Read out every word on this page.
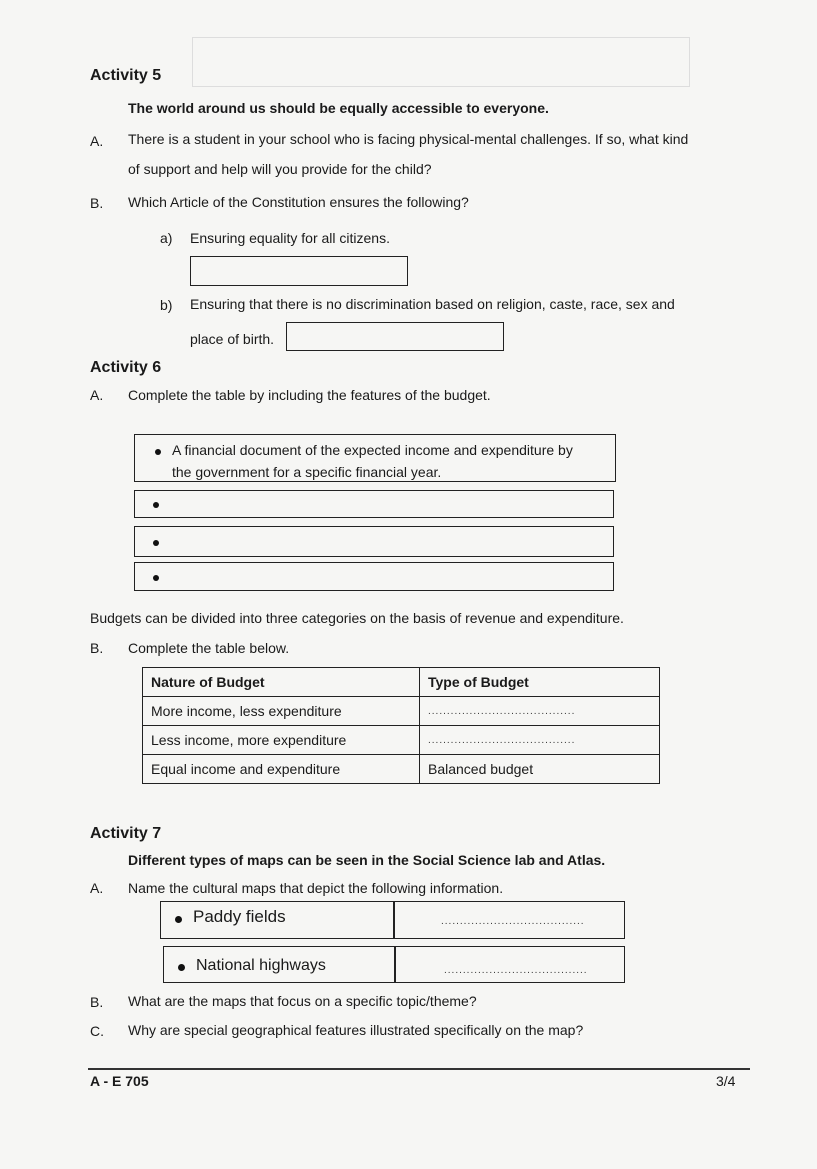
Activity 5
The world around us should be equally accessible to everyone.
A. There is a student in your school who is facing physical-mental challenges. If so, what kind
of support and help will you provide for the child?
B. Which Article of the Constitution ensures the following?
a) Ensuring equality for all citizens.
b) Ensuring that there is no discrimination based on religion, caste, race, sex and
place of birth.
Activity 6
A. Complete the table by including the features of the budget.
A financial document of the expected income and expenditure by
the government for a specific financial year.
Budgets can be divided into three categories on the basis of revenue and expenditure.
B. Complete the table below.
Nature of Budget	Type of Budget
More income, less expenditure	.......................................
Less income, more expenditure	.......................................
Equal income and expenditure	Balanced budget
Activity 7
Different types of maps can be seen in the Social Science lab and Atlas.
A. Name the cultural maps that depict the following information.
Paddy fields	......................................
National highways	......................................
B. What are the maps that focus on a specific topic/theme?
C. Why are special geographical features illustrated specifically on the map?
A - E 705	3/4
